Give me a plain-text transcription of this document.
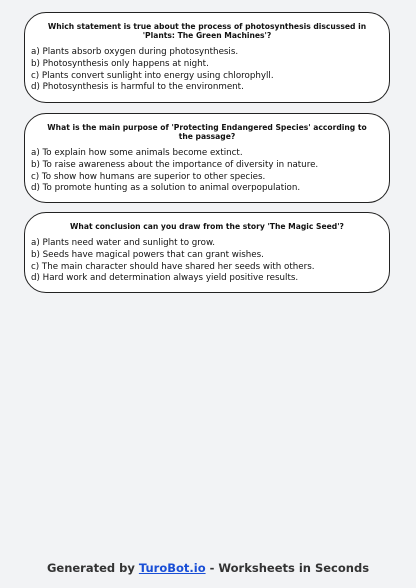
Which statement is true about the process of photosynthesis discussed in 'Plants: The Green Machines'?
a) Plants absorb oxygen during photosynthesis.
b) Photosynthesis only happens at night.
c) Plants convert sunlight into energy using chlorophyll.
d) Photosynthesis is harmful to the environment.
What is the main purpose of 'Protecting Endangered Species' according to the passage?
a) To explain how some animals become extinct.
b) To raise awareness about the importance of diversity in nature.
c) To show how humans are superior to other species.
d) To promote hunting as a solution to animal overpopulation.
What conclusion can you draw from the story 'The Magic Seed'?
a) Plants need water and sunlight to grow.
b) Seeds have magical powers that can grant wishes.
c) The main character should have shared her seeds with others.
d) Hard work and determination always yield positive results.
Generated by TuroBot.io - Worksheets in Seconds
